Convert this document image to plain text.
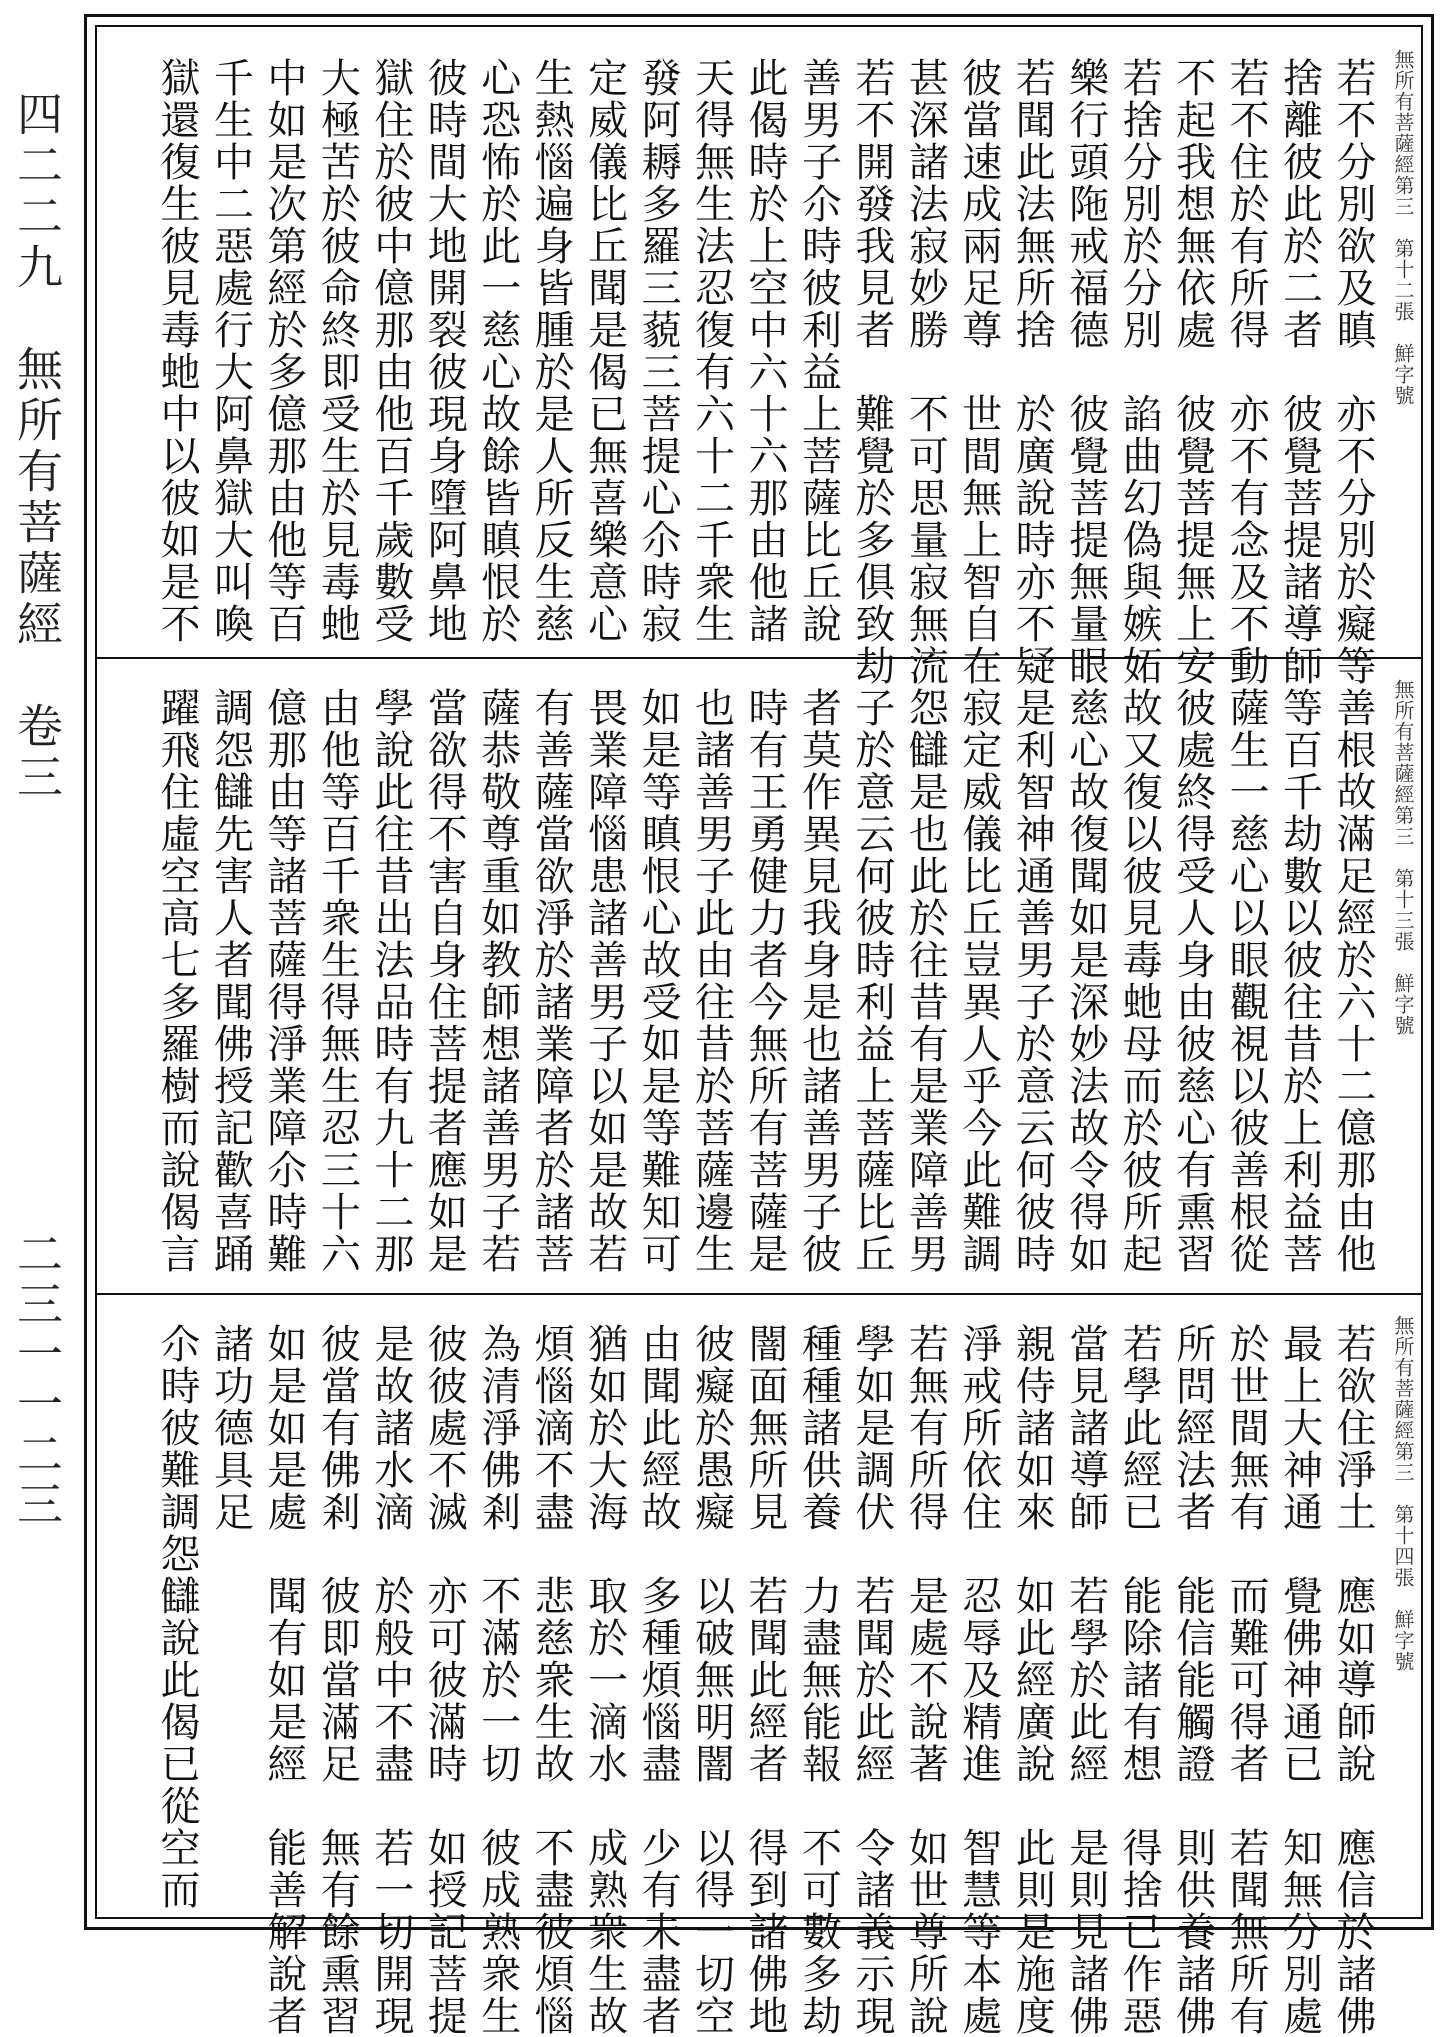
四二二九　無所有菩薩經　卷三
二三一一二三
無所有菩薩經第三　第十二張　鮮字號
若不分別欲及瞋　亦不分別於癡等
捨離彼此於二者　彼覺菩提諸導師
若不住於有所得　亦不有念及不動
不起我想無依處　彼覺菩提無上安
若捨分別於分別　諂曲幻偽與嫉妬
樂行頭陁戒福德　彼覺菩提無量眼
若聞此法無所捨　於廣說時亦不疑
彼當速成兩足尊　世間無上智自在
甚深諸法寂妙勝　不可思量寂無流
若不開發我見者　難覺於多俱致劫
善男子尒時彼利益上菩薩比丘說
此偈時於上空中六十六那由他諸
天得無生法忍復有六十二千衆生
發阿耨多羅三藐三菩提心尒時寂
定威儀比丘聞是偈已無喜樂意心
生熱惱遍身皆腫於是人所反生慈
心恐怖於此一慈心故餘皆瞋恨於
彼時間大地開裂彼現身墮阿鼻地
獄住於彼中億那由他百千歲數受
大極苦於彼命終即受生於見毒虵
中如是次第經於多億那由他等百
千生中二惡處行大阿鼻獄大叫喚
獄還復生彼見毒虵中以彼如是不
無所有菩薩經第三　第十三張　鮮字號
善根故滿足經於六十二億那由他
等百千劫數以彼往昔於上利益菩
薩生一慈心以眼觀視以彼善根從
彼處終得受人身由彼慈心有熏習
故又復以彼見毒虵母而於彼所起
慈心故復聞如是深妙法故令得如
是利智神通善男子於意云何彼時
寂定威儀比丘豈異人乎今此難調
怨讎是也此於往昔有是業障善男
子於意云何彼時利益上菩薩比丘
者莫作異見我身是也諸善男子彼
時有王勇健力者今無所有菩薩是
也諸善男子此由往昔於菩薩邊生
如是等瞋恨心故受如是等難知可
畏業障惱患諸善男子以如是故若
有善薩當欲淨於諸業障者於諸菩
薩恭敬尊重如教師想諸善男子若
當欲得不害自身住菩提者應如是
學說此往昔出法品時有九十二那
由他等百千衆生得無生忍三十六
億那由等諸菩薩得淨業障尒時難
調怨讎先害人者聞佛授記歡喜踊
躍飛住虛空高七多羅樹而說偈言
無所有菩薩經第三　第十四張　鮮字號
若欲住淨土　應如導師說　應信於諸佛
最上大神通　覺佛神通已　知無分別處
於世間無有　而難可得者　若聞無所有
所問經法者　能信能觸證　則供養諸佛
若學此經已　能除諸有想　得捨已作惡
當見諸導師　若學於此經　是則見諸佛
親侍諸如來　如此經廣說　此則是施度
淨戒所依住　忍辱及精進　智慧等本處
若無有所得　是處不說著　如世尊所說
學如是調伏　若聞於此經　令諸義示現
種種諸供養　力盡無能報　不可數多劫
闇面無所見　若聞此經者　得到諸佛地
彼癡於愚癡　以破無明闇　以得一切空
由聞此經故　多種煩惱盡　少有未盡者
猶如於大海　取於一滴水　成熟衆生故
煩惱滴不盡　悲慈衆生故　不盡彼煩惱
為清淨佛剎　不滿於一切　彼成熟衆生
彼彼處不滅　亦可彼滿時　如授記菩提
是故諸水滴　於般中不盡　若一切開現
彼當有佛剎　彼即當滿足　無有餘熏習
如是如是處　聞有如是經　能善解說者
諸功德具足
尒時彼難調怨讎說此偈已從空而
